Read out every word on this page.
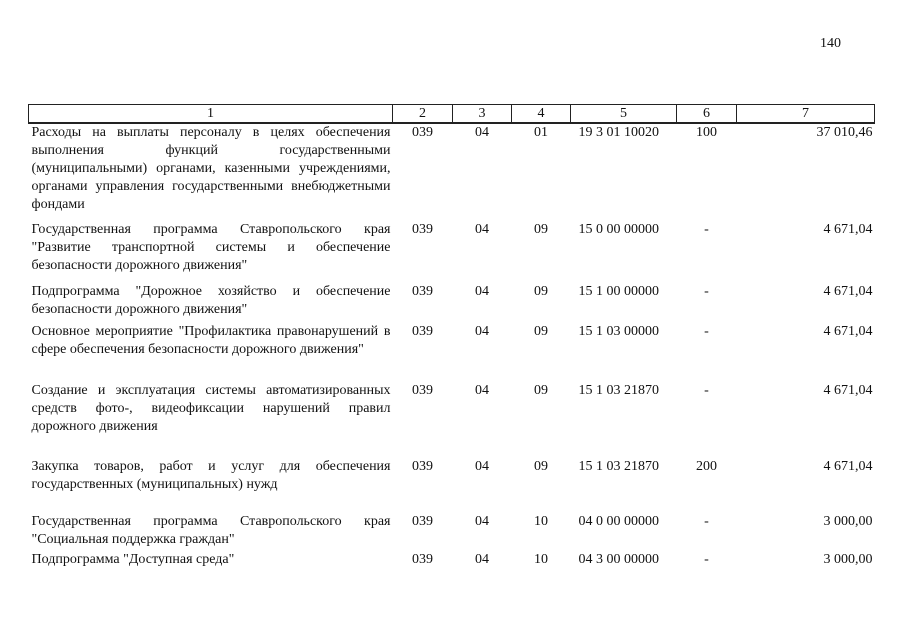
140
1	2	3	4	5	6	7
Расходы на выплаты персоналу в целях обеспечения выполнения функций государственными (муниципальными) органами, казенными учреждениями, органами управления государственными внебюджетными фондами	039	04	01	19 3 01 10020	100	37 010,46
Государственная программа Ставропольского края "Развитие транспортной системы и обеспечение безопасности дорожного движения"	039	04	09	15 0 00 00000	-	4 671,04
Подпрограмма "Дорожное хозяйство и обеспечение безопасности дорожного движения"	039	04	09	15 1 00 00000	-	4 671,04
Основное мероприятие "Профилактика правонарушений в сфере обеспечения безопасности дорожного движения"	039	04	09	15 1 03 00000	-	4 671,04
Создание и эксплуатация системы автоматизированных средств фото-, видеофиксации нарушений правил дорожного движения	039	04	09	15 1 03 21870	-	4 671,04
Закупка товаров, работ и услуг для обеспечения государственных (муниципальных) нужд	039	04	09	15 1 03 21870	200	4 671,04
Государственная программа Ставропольского края "Социальная поддержка граждан"	039	04	10	04 0 00 00000	-	3 000,00
Подпрограмма "Доступная среда"	039	04	10	04 3 00 00000	-	3 000,00
